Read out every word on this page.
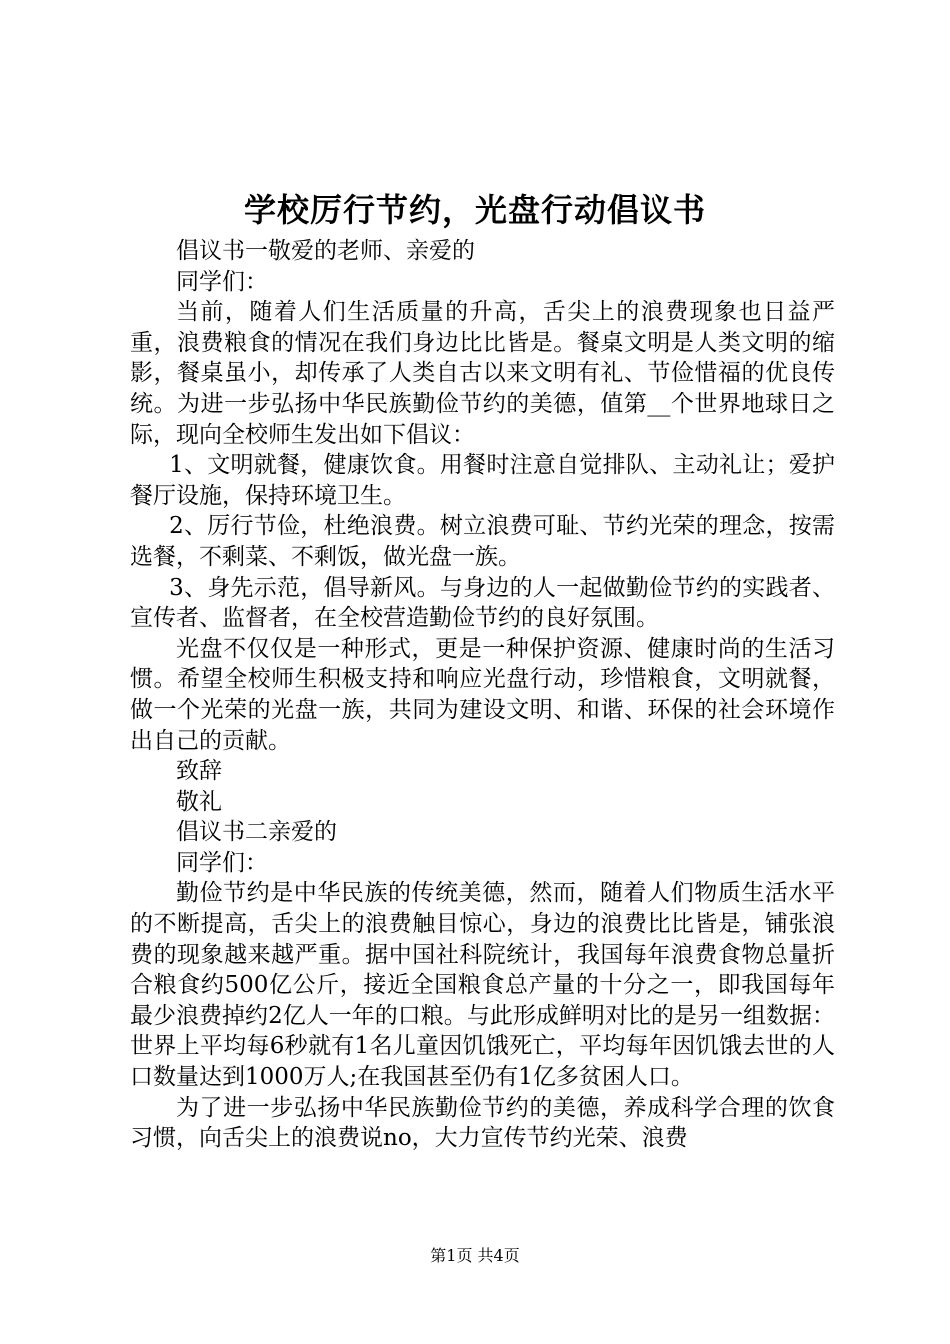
学校厉行节约，光盘行动倡议书

倡议书一敬爱的老师、亲爱的

同学们：

当前，随着人们生活质量的升高，舌尖上的浪费现象也日益严重，浪费粮食的情况在我们身边比比皆是。餐桌文明是人类文明的缩影，餐桌虽小，却传承了人类自古以来文明有礼、节俭惜福的优良传统。为进一步弘扬中华民族勤俭节约的美德，值第__个世界地球日之际，现向全校师生发出如下倡议：

1、文明就餐，健康饮食。用餐时注意自觉排队、主动礼让；爱护餐厅设施，保持环境卫生。

2、厉行节俭，杜绝浪费。树立浪费可耻、节约光荣的理念，按需选餐，不剩菜、不剩饭，做光盘一族。

3、身先示范，倡导新风。与身边的人一起做勤俭节约的实践者、宣传者、监督者，在全校营造勤俭节约的良好氛围。

光盘不仅仅是一种形式，更是一种保护资源、健康时尚的生活习惯。希望全校师生积极支持和响应光盘行动，珍惜粮食，文明就餐，做一个光荣的光盘一族，共同为建设文明、和谐、环保的社会环境作出自己的贡献。

致辞

敬礼

倡议书二亲爱的

同学们：

勤俭节约是中华民族的传统美德，然而，随着人们物质生活水平的不断提高，舌尖上的浪费触目惊心，身边的浪费比比皆是，铺张浪费的现象越来越严重。据中国社科院统计，我国每年浪费食物总量折合粮食约500亿公斤，接近全国粮食总产量的十分之一，即我国每年最少浪费掉约2亿人一年的口粮。与此形成鲜明对比的是另一组数据：世界上平均每6秒就有1名儿童因饥饿死亡，平均每年因饥饿去世的人口数量达到1000万人;在我国甚至仍有1亿多贫困人口。

为了进一步弘扬中华民族勤俭节约的美德，养成科学合理的饮食习惯，向舌尖上的浪费说no，大力宣传节约光荣、浪费

第1页 共4页
